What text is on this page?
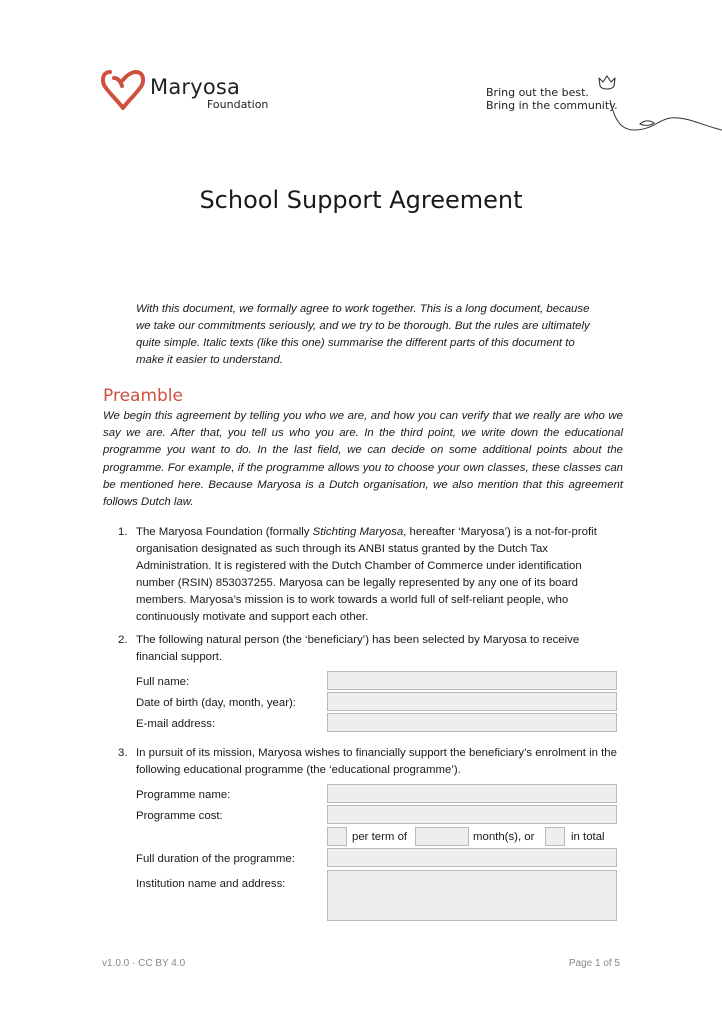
Maryosa
Foundation
Bring out the best.
Bring in the community.
School Support Agreement
With this document, we formally agree to work together. This is a long document, because we take our commitments seriously, and we try to be thorough. But the rules are ultimately quite simple. Italic texts (like this one) summarise the different parts of this document to make it easier to understand.
Preamble
We begin this agreement by telling you who we are, and how you can verify that we really are who we say we are. After that, you tell us who you are. In the third point, we write down the educational programme you want to do. In the last field, we can decide on some additional points about the programme. For example, if the programme allows you to choose your own classes, these classes can be mentioned here. Because Maryosa is a Dutch organisation, we also mention that this agreement follows Dutch law.
1. The Maryosa Foundation (formally Stichting Maryosa, hereafter ‘Maryosa’) is a not-for-profit organisation designated as such through its ANBI status granted by the Dutch Tax Administration. It is registered with the Dutch Chamber of Commerce under identification number (RSIN) 853037255. Maryosa can be legally represented by any one of its board members. Maryosa’s mission is to work towards a world full of self-reliant people, who continuously motivate and support each other.
2. The following natural person (the ‘beneficiary’) has been selected by Maryosa to receive financial support.
Full name:
Date of birth (day, month, year):
E-mail address:
3. In pursuit of its mission, Maryosa wishes to financially support the beneficiary’s enrolment in the following educational programme (the ‘educational programme’).
Programme name:
Programme cost:
per term of	month(s), or	in total
Full duration of the programme:
Institution name and address:
v1.0.0 · CC BY 4.0	Page 1 of 5
